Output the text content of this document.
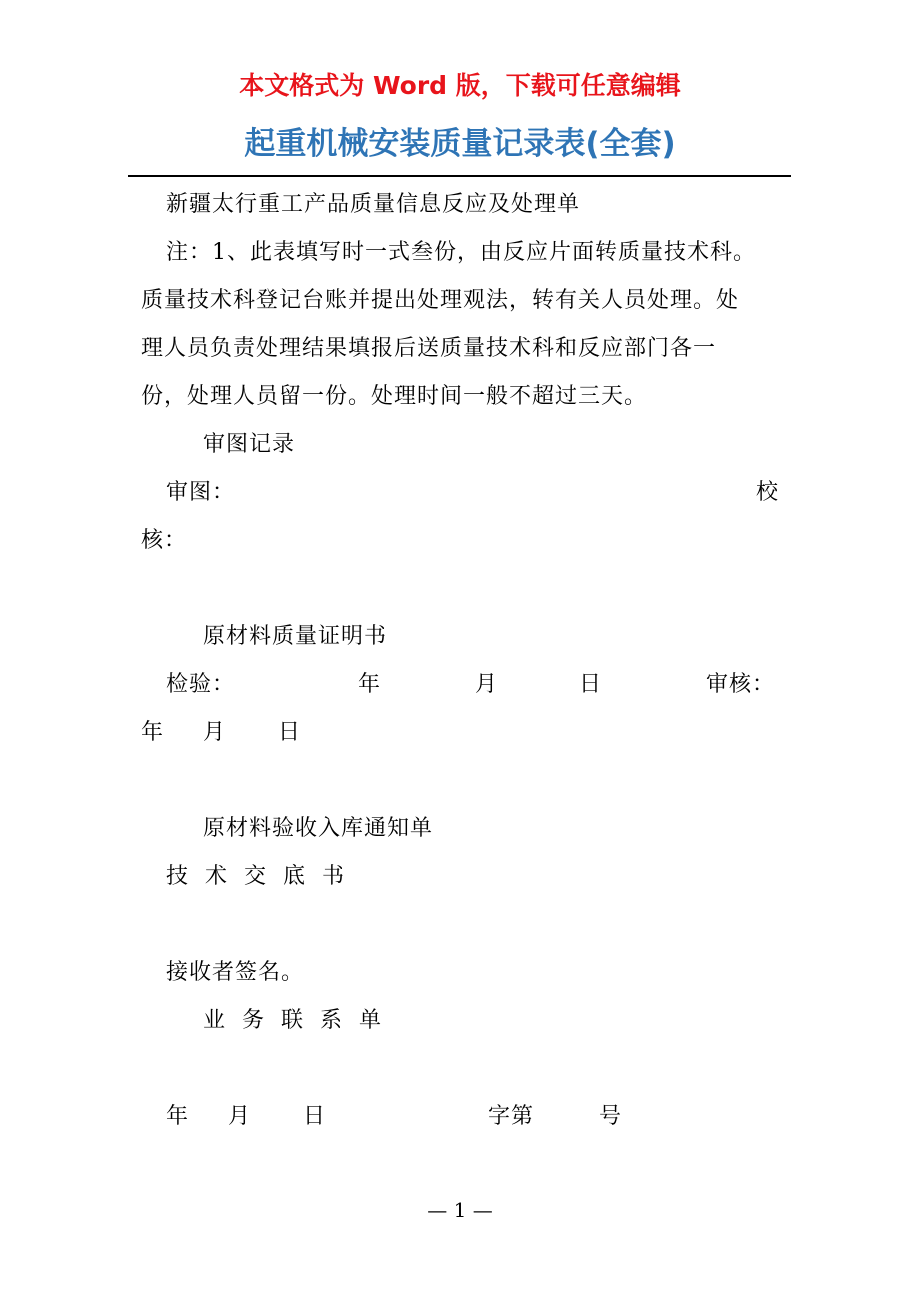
本文格式为 Word 版，下载可任意编辑
起重机械安装质量记录表(全套)
新疆太行重工产品质量信息反应及处理单
注：1、此表填写时一式叁份，由反应片面转质量技术科。
质量技术科登记台账并提出处理观法，转有关人员处理。处
理人员负责处理结果填报后送质量技术科和反应部门各一
份，处理人员留一份。处理时间一般不超过三天。
审图记录
审图：	校
核：
原材料质量证明书
检验：	年	月	日	审核：
年 月 日
原材料验收入库通知单
技术交底书
接收者签名。
业务联系单
年 月 日	字第	号
— 1 —
